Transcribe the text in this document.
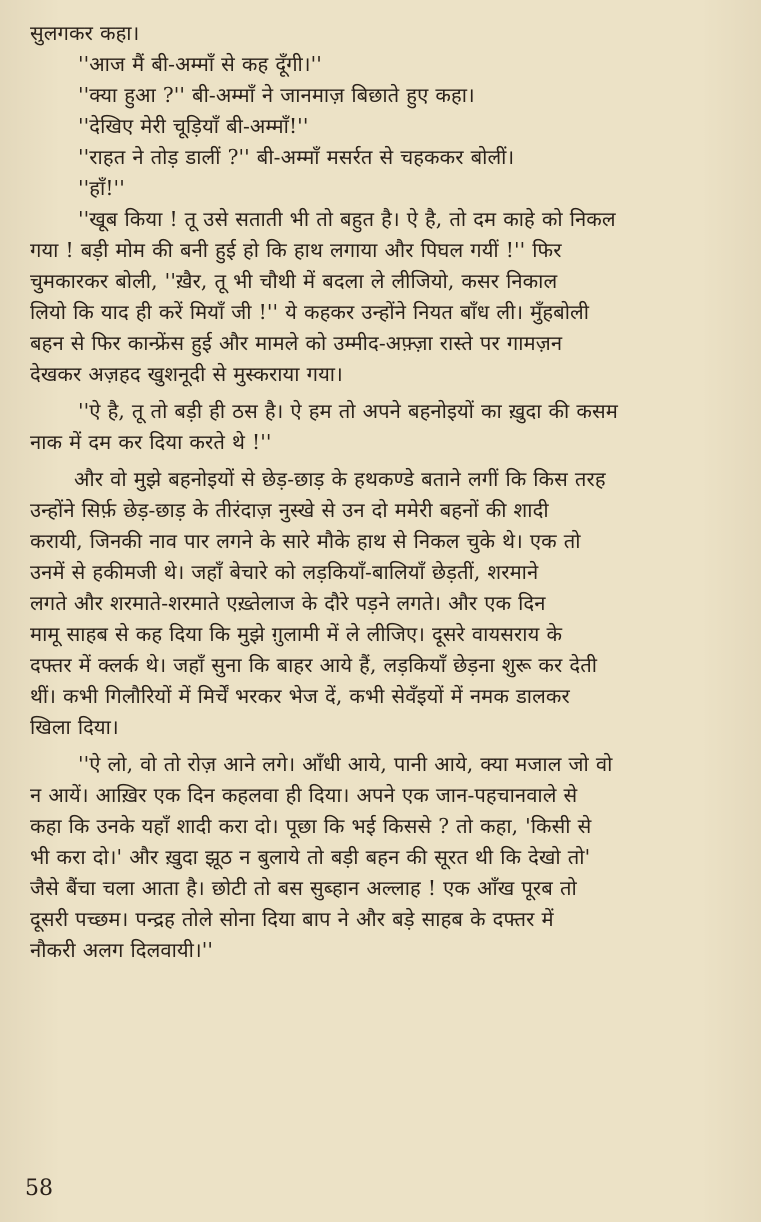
सुलगकर कहा।
''आज मैं बी-अम्माँ से कह दूँगी।''
''क्या हुआ ?'' बी-अम्माँ ने जानमाज़ बिछाते हुए कहा।
''देखिए मेरी चूड़ियाँ बी-अम्माँ!''
''राहत ने तोड़ डालीं ?'' बी-अम्माँ मसर्रत से चहककर बोलीं।
''हाँ!''
''खूब किया ! तू उसे सताती भी तो बहुत है। ऐ है, तो दम काहे को निकल
गया ! बड़ी मोम की बनी हुई हो कि हाथ लगाया और पिघल गयीं !'' फिर
चुमकारकर बोली, ''ख़ैर, तू भी चौथी में बदला ले लीजियो, कसर निकाल
लियो कि याद ही करें मियाँ जी !'' ये कहकर उन्होंने नियत बाँध ली। मुँहबोली
बहन से फिर कान्फ्रेंस हुई और मामले को उम्मीद-अफ़्ज़ा रास्ते पर गामज़न
देखकर अज़हद खुशनूदी से मुस्कराया गया।
''ऐ है, तू तो बड़ी ही ठस है। ऐ हम तो अपने बहनोइयों का ख़ुदा की कसम
नाक में दम कर दिया करते थे !''
और वो मुझे बहनोइयों से छेड़-छाड़ के हथकण्डे बताने लगीं कि किस तरह
उन्होंने सिर्फ़ छेड़-छाड़ के तीरंदाज़ नुस्खे से उन दो ममेरी बहनों की शादी
करायी, जिनकी नाव पार लगने के सारे मौके हाथ से निकल चुके थे। एक तो
उनमें से हकीमजी थे। जहाँ बेचारे को लड़कियाँ-बालियाँ छेड़तीं, शरमाने
लगते और शरमाते-शरमाते एख़्तेलाज के दौरे पड़ने लगते। और एक दिन
मामू साहब से कह दिया कि मुझे ग़ुलामी में ले लीजिए। दूसरे वायसराय के
दफ्तर में क्लर्क थे। जहाँ सुना कि बाहर आये हैं, लड़कियाँ छेड़ना शुरू कर देती
थीं। कभी गिलौरियों में मिर्चें भरकर भेज दें, कभी सेवँइयों में नमक डालकर
खिला दिया।
''ऐ लो, वो तो रोज़ आने लगे। आँधी आये, पानी आये, क्या मजाल जो वो
न आयें। आख़िर एक दिन कहलवा ही दिया। अपने एक जान-पहचानवाले से
कहा कि उनके यहाँ शादी करा दो। पूछा कि भई किससे ? तो कहा, 'किसी से
भी करा दो।' और ख़ुदा झूठ न बुलाये तो बड़ी बहन की सूरत थी कि देखो तो'
जैसे बैंचा चला आता है। छोटी तो बस सुब्हान अल्लाह ! एक आँख पूरब तो
दूसरी पच्छम। पन्द्रह तोले सोना दिया बाप ने और बड़े साहब के दफ्तर में
नौकरी अलग दिलवायी।''
58
